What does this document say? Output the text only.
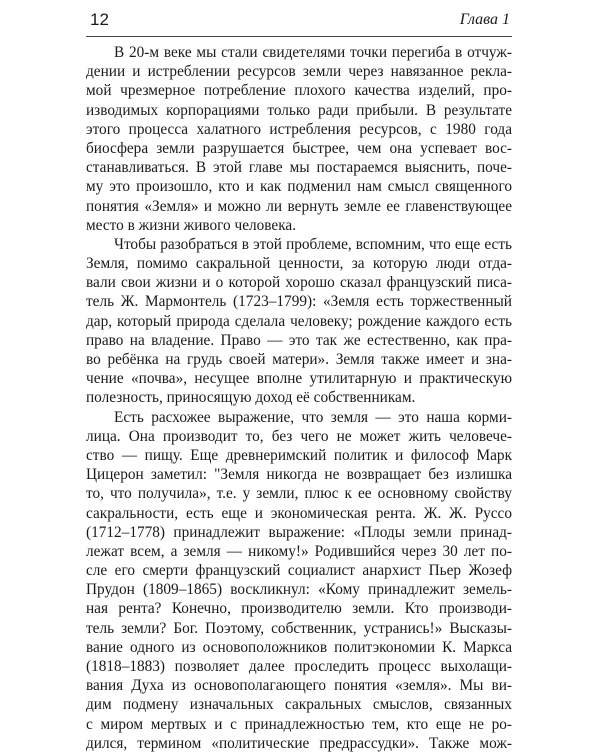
12	Глава 1
В 20-м веке мы стали свидетелями точки перегиба в отчуж-
дении и истреблении ресурсов земли через навязанное реклa-
мой чрезмерное потребление плохого качества изделий, про-
изводимых корпорациями только ради прибыли. В результате
этого процесса халатного истребления ресурсов, с 1980 года
биосфера земли разрушается быстрее, чем она успевает вос-
станавливаться. В этой главе мы постараемся выяснить, поче-
му это произошло, кто и как подменил нам смысл священного
понятия «Земля» и можно ли вернуть земле ее главенствующее
место в жизни живого человека.
Чтобы разобраться в этой проблеме, вспомним, что еще есть
Земля, помимо сакральной ценности, за которую люди отда-
вали свои жизни и о которой хорошо сказал французский писа-
тель Ж. Мармонтель (1723–1799): «Земля есть торжественный
дар, который природа сделала человеку; рождение каждого есть
право на владение. Право — это так же естественно, как пра-
во ребёнка на грудь своей матери». Земля также имеет и зна-
чение «почва», несущее вполне утилитарную и практическую
полезность, приносящую доход её собственникам.
Есть расхожее выражение, что земля — это наша корми-
лица. Она производит то, без чего не может жить человече-
ство — пищу. Еще древнеримский политик и философ Марк
Цицерон заметил: "Земля никогда не возвращает без излишка
то, что получила», т.е. у земли, плюс к ее основному свойству
сакральности, есть еще и экономическая рента. Ж. Ж. Руссо
(1712–1778) принадлежит выражение: «Плоды земли принад-
лежат всем, а земля — никому!» Родившийся через 30 лет по-
сле его смерти французский социалист анархист Пьер Жозеф
Прудон (1809–1865) воскликнул: «Кому принадлежит земель-
ная рента? Конечно, производителю земли. Кто производи-
тель земли? Бог. Поэтому, собственник, устранись!» Высказы-
вание одного из основоположников политэкономии К. Маркса
(1818–1883) позволяет далее проследить процесс выхолащи-
вания Духа из основополагающего понятия «земля». Мы ви-
дим подмену изначальных сакральных смыслов, связанных
с миром мертвых и с принадлежностью тем, кто еще не ро-
дился, термином «политические предрассудки». Также мож-
